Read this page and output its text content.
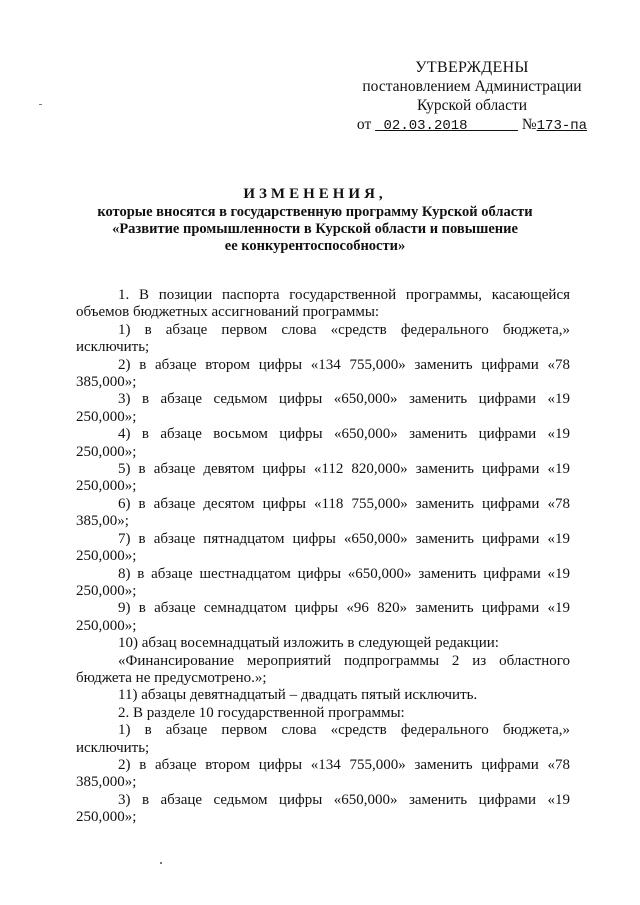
УТВЕРЖДЕНЫ
постановлением Администрации
Курской области
от 02.03.2018	№173-па
ИЗМЕНЕНИЯ,
которые вносятся в государственную программу Курской области
«Развитие промышленности в Курской области и повышение
ее конкурентоспособности»

1. В позиции паспорта государственной программы, касающейся объемов бюджетных ассигнований программы:

1) в абзаце первом слова «средств федерального бюджета,» исключить;

2) в абзаце втором цифры «134 755,000» заменить цифрами «78 385,000»;

3) в абзаце седьмом цифры «650,000» заменить цифрами «19 250,000»;

4) в абзаце восьмом цифры «650,000» заменить цифрами «19 250,000»;

5) в абзаце девятом цифры «112 820,000» заменить цифрами «19 250,000»;

6) в абзаце десятом цифры «118 755,000» заменить цифрами «78 385,00»;

7) в абзаце пятнадцатом цифры «650,000» заменить цифрами «19 250,000»;

8) в абзаце шестнадцатом цифры «650,000» заменить цифрами «19 250,000»;

9) в абзаце семнадцатом цифры «96 820» заменить цифрами «19 250,000»;

10) абзац восемнадцатый изложить в следующей редакции:

«Финансирование мероприятий подпрограммы 2 из областного бюджета не предусмотрено.»;

11) абзацы девятнадцатый – двадцать пятый исключить.

2. В разделе 10 государственной программы:

1) в абзаце первом слова «средств федерального бюджета,» исключить;

2) в абзаце втором цифры «134 755,000» заменить цифрами «78 385,000»;

3) в абзаце седьмом цифры «650,000» заменить цифрами «19 250,000»;
